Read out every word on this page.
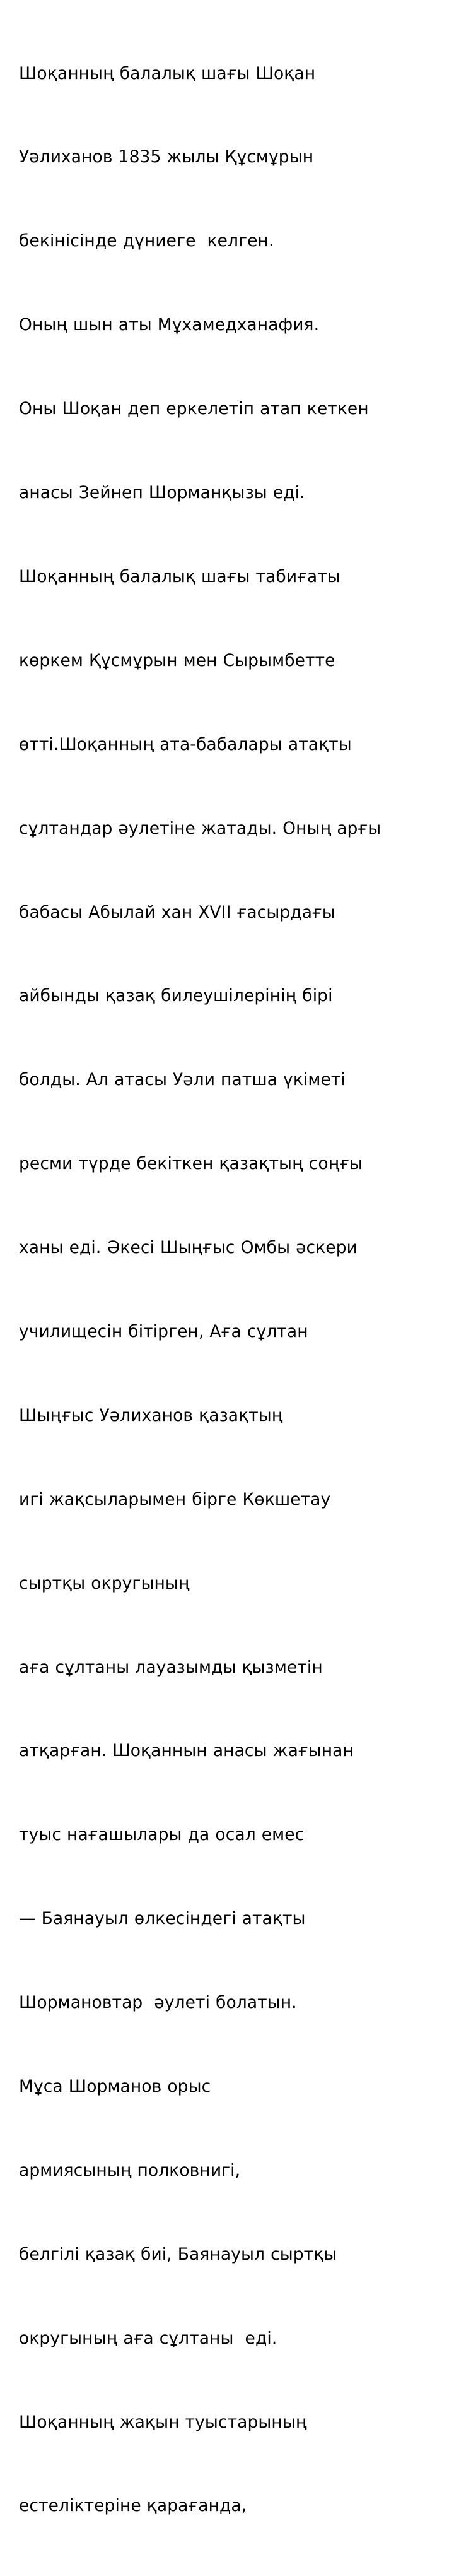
Шоқанның балалық шағы Шоқан

Уәлиханов 1835 жылы Құсмұрын

бекінісінде дүниеге  келген.

Оның шын аты Мұхамедханафия.

Оны Шоқан деп еркелетіп атап кеткен

анасы Зейнеп Шорманқызы еді.

Шоқанның балалық шағы табиғаты

көркем Құсмұрын мен Сырымбетте

өтті.Шоқанның ата-бабалары атақты

сұлтандар әулетіне жатады. Оның арғы

бабасы Абылай хан XVII ғасырдағы

айбынды қазақ билеушілерінің бірі

болды. Ал атасы Уәли патша үкіметі

ресми түрде бекіткен қазақтың соңғы

ханы еді. Әкесі Шыңғыс Омбы әскери

училищесін бітірген, Аға сұлтан

Шыңғыс Уәлиханов қазақтың

игі жақсыларымен бірге Көкшетау

сыртқы округының

аға сұлтаны лауазымды қызметін

атқарған. Шоқаннын анасы жағынан

туыс нағашылары да осал емес

— Баянауыл өлкесіндегі атақты

Шормановтар  әулеті болатын.

Мұса Шорманов орыс

армиясының полковнигі,

белгілі қазақ биі, Баянауыл сыртқы

округының аға сұлтаны  еді.

Шоқанның жақын туыстарының

естеліктеріне қарағанда,
